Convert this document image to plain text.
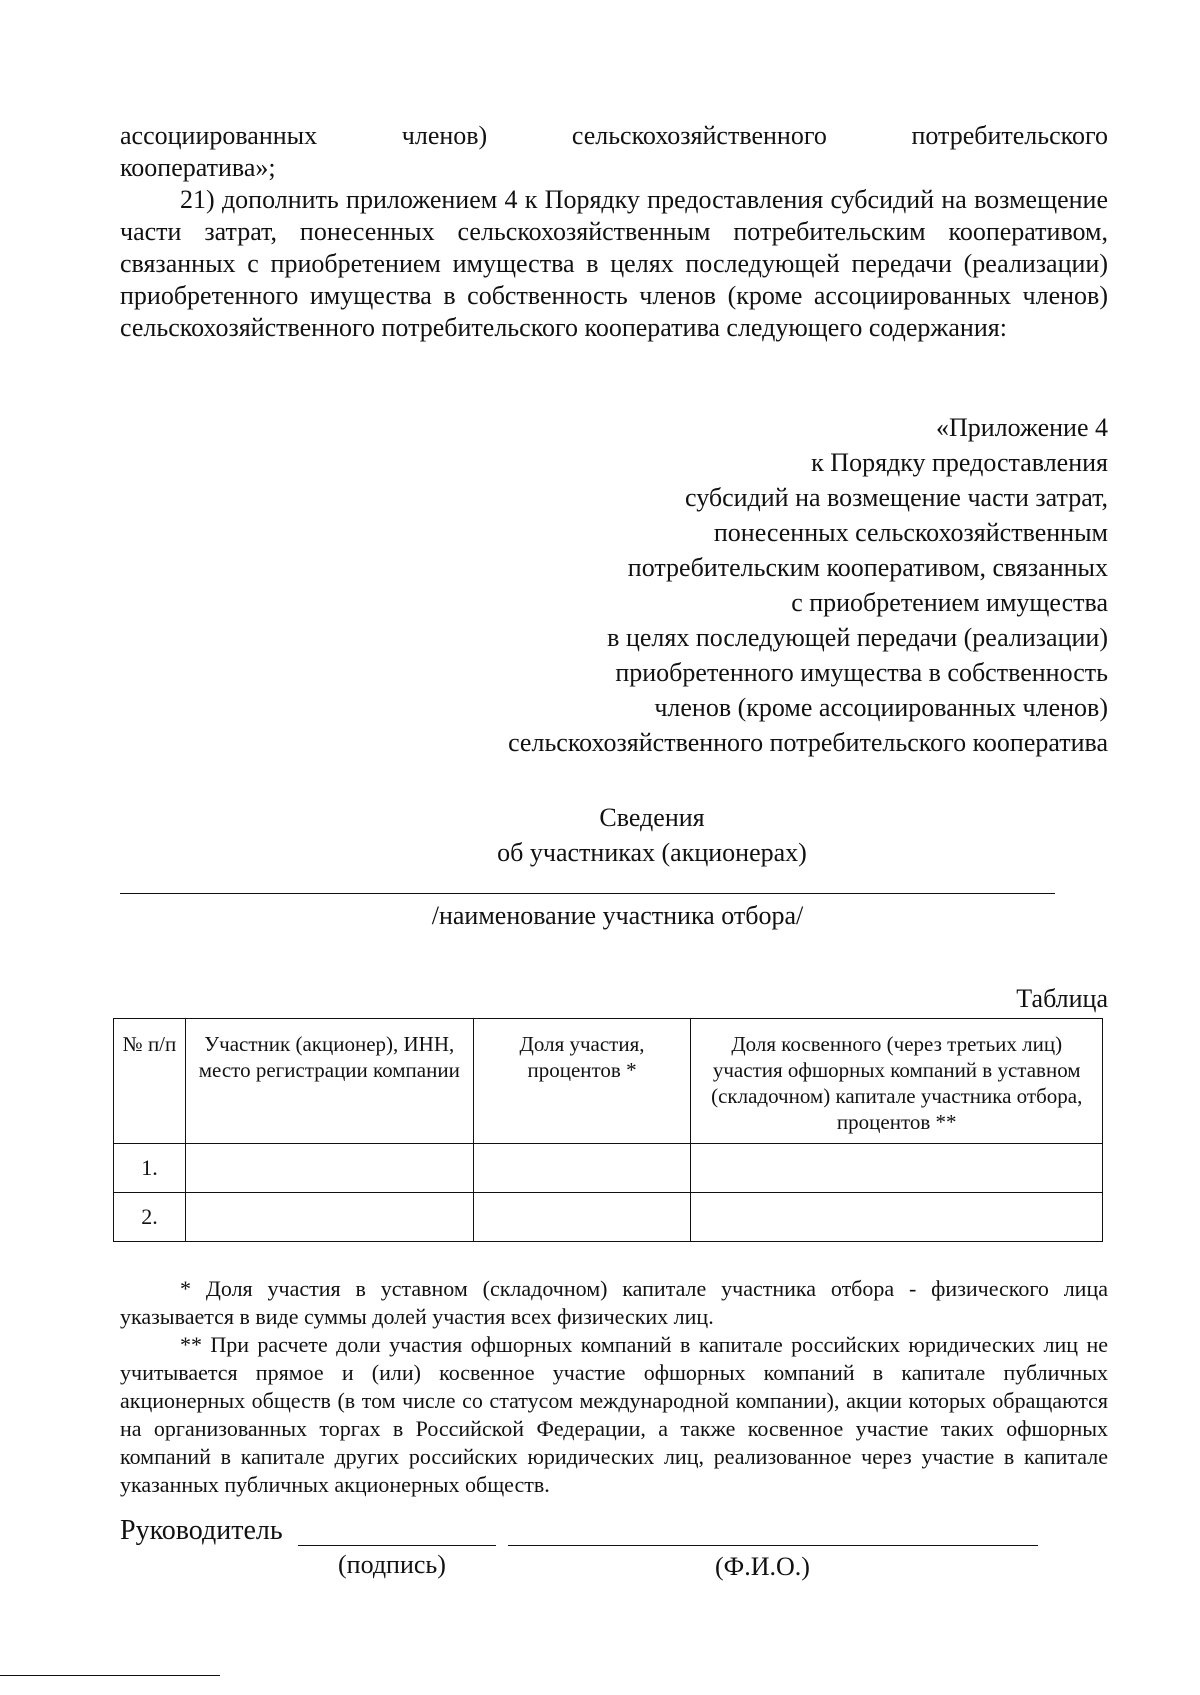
ассоциированных членов) сельскохозяйственного потребительского
кооператива»;
21) дополнить приложением 4 к Порядку предоставления субсидий на возмещение части затрат, понесенных сельскохозяйственным потребительским кооперативом, связанных с приобретением имущества в целях последующей передачи (реализации) приобретенного имущества в собственность членов (кроме ассоциированных членов) сельскохозяйственного потребительского кооператива следующего содержания:
«Приложение 4
к Порядку предоставления
субсидий на возмещение части затрат,
понесенных сельскохозяйственным
потребительским кооперативом, связанных
с приобретением имущества
в целях последующей передачи (реализации)
приобретенного имущества в собственность
членов (кроме ассоциированных членов)
сельскохозяйственного потребительского кооператива
Сведения
об участниках (акционерах)
/наименование участника отбора/
Таблица
№ п/п	Участник (акционер), ИНН, место регистрации компании	Доля участия, процентов *	Доля косвенного (через третьих лиц) участия офшорных компаний в уставном (складочном) капитале участника отбора, процентов **
1.			
2.			

* Доля участия в уставном (складочном) капитале участника отбора - физического лица указывается в виде суммы долей участия всех физических лиц.

** При расчете доли участия офшорных компаний в капитале российских юридических лиц не учитывается прямое и (или) косвенное участие офшорных компаний в капитале публичных акционерных обществ (в том числе со статусом международной компании), акции которых обращаются на организованных торгах в Российской Федерации, а также косвенное участие таких офшорных компаний в капитале других российских юридических лиц, реализованное через участие в капитале указанных публичных акционерных обществ.

Руководитель
(подпись)	(Ф.И.О.)
